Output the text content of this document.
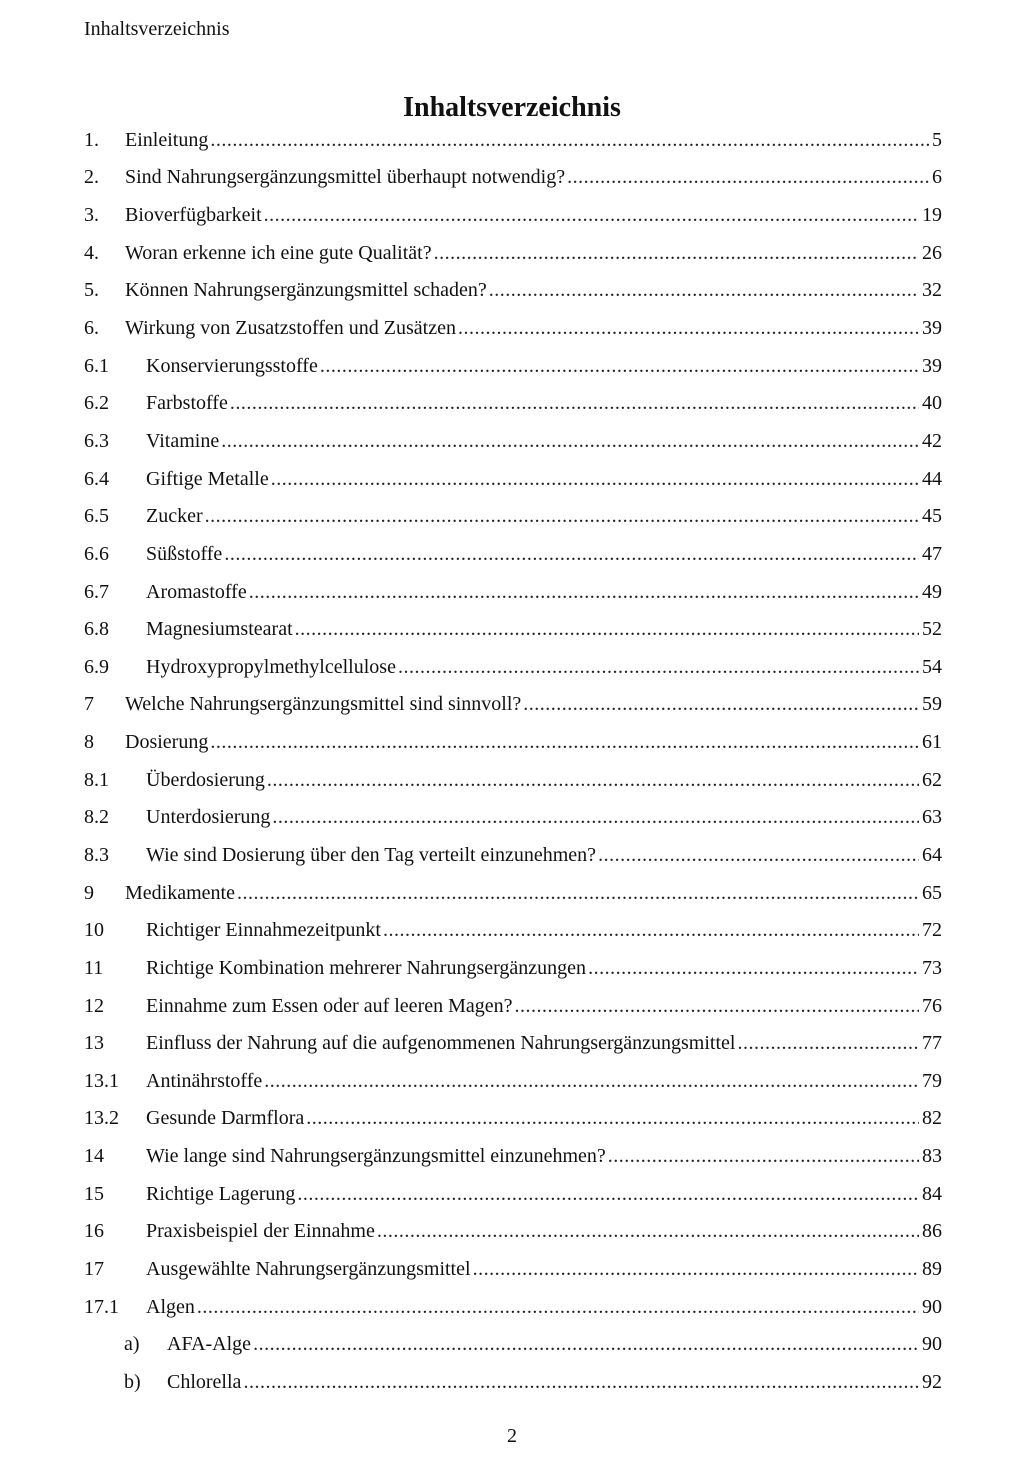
Inhaltsverzeichnis
Inhaltsverzeichnis
1.	Einleitung .....	5
2.	Sind Nahrungsergänzungsmittel überhaupt notwendig? .....	6
3.	Bioverfügbarkeit .....	19
4.	Woran erkenne ich eine gute Qualität? .....	26
5.	Können Nahrungsergänzungsmittel schaden? .....	32
6.	Wirkung von Zusatzstoffen und Zusätzen .....	39
6.1	Konservierungsstoffe .....	39
6.2	Farbstoffe .....	40
6.3	Vitamine .....	42
6.4	Giftige Metalle .....	44
6.5	Zucker .....	45
6.6	Süßstoffe .....	47
6.7	Aromastoffe .....	49
6.8	Magnesiumstearat .....	52
6.9	Hydroxypropylmethylcellulose .....	54
7	Welche Nahrungsergänzungsmittel sind sinnvoll? .....	59
8	Dosierung .....	61
8.1	Überdosierung .....	62
8.2	Unterdosierung .....	63
8.3	Wie sind Dosierung über den Tag verteilt einzunehmen? .....	64
9	Medikamente .....	65
10	Richtiger Einnahmezeitpunkt .....	72
11	Richtige Kombination mehrerer Nahrungsergänzungen .....	73
12	Einnahme zum Essen oder auf leeren Magen? .....	76
13	Einfluss der Nahrung auf die aufgenommenen Nahrungsergänzungsmittel .....	77
13.1	Antinährstoffe .....	79
13.2	Gesunde Darmflora .....	82
14	Wie lange sind Nahrungsergänzungsmittel einzunehmen? .....	83
15	Richtige Lagerung .....	84
16	Praxisbeispiel der Einnahme .....	86
17	Ausgewählte Nahrungsergänzungsmittel .....	89
17.1	Algen .....	90
a)	AFA-Alge .....	90
b)	Chlorella .....	92
2
